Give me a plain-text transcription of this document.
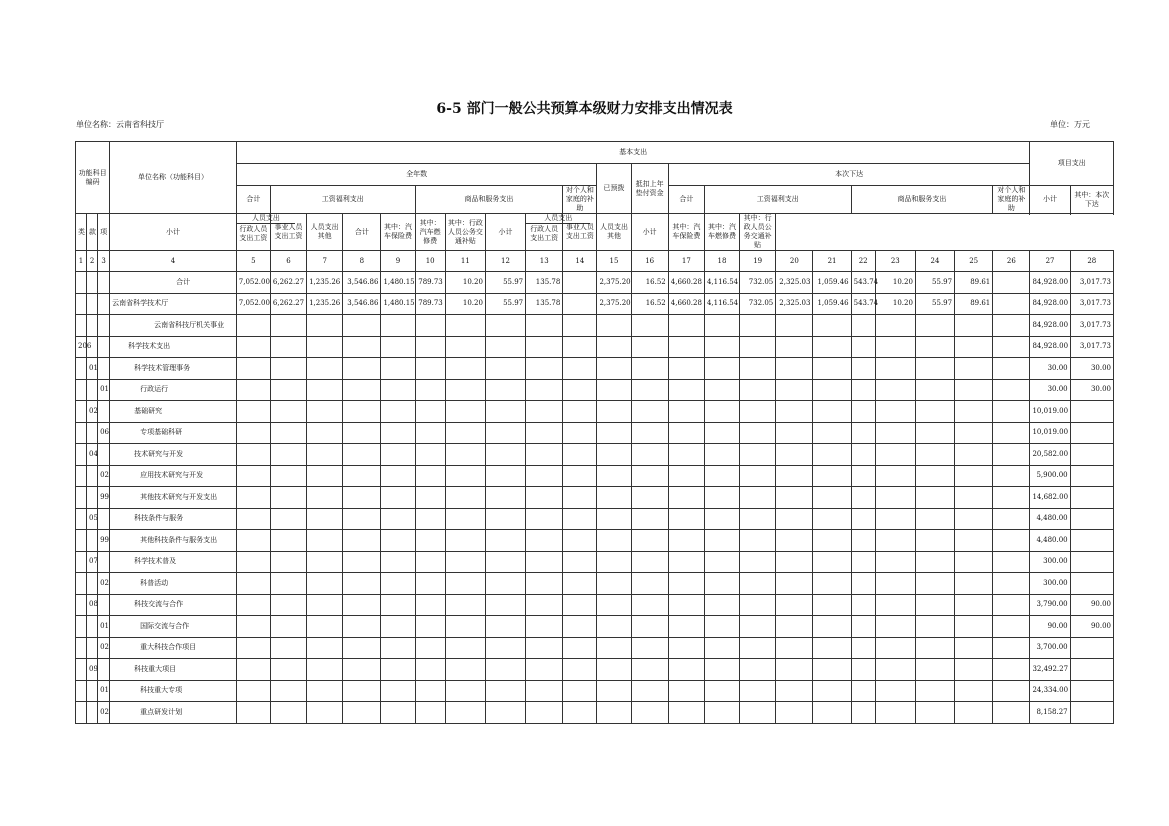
6-5 部门一般公共预算本级财力安排支出情况表
单位名称：云南省科技厅	单位：万元
功能科目编码			单位名称（功能科目）	基本支出																						项目支出	
				全年数										已预拨	抵扣上年垫付资金	本次下达											
				合计	工资福利支出				商品和服务支出				对个人和家庭的补助			合计	工资福利支出				商品和服务支出				对个人和家庭的补助	小计	其中：本次下达

类	款	项	小计	人员支出
行政人员支出工资	事业人员支出工资	人员支出其他	合计	其中：汽车保险费	其中：汽车燃修费	其中：行政人员公务交通补贴	小计	人员支出
行政人员支出工资	事业人员支出工资	人员支出其他	小计	其中：汽车保险费	其中：汽车燃修费	其中：行政人员公务交通补贴									
1	2	3	4	5	6	7	8	9	10	11	12	13	14	15	16	17	18	19	20	21	22	23	24	25	26	27	28
			合计	7,052.00	6,262.27	1,235.26	3,546.86	1,480.15	789.73	10.20	55.97	135.78		2,375.20	16.52	4,660.28	4,116.54	732.05	2,325.03	1,059.46	543.74	10.20	55.97	89.61		84,928.00	3,017.73
			云南省科学技术厅	7,052.00	6,262.27	1,235.26	3,546.86	1,480.15	789.73	10.20	55.97	135.78		2,375.20	16.52	4,660.28	4,116.54	732.05	2,325.03	1,059.46	543.74	10.20	55.97	89.61		84,928.00	3,017.73
			云南省科技厅机关事业																							84,928.00	3,017.73
206			科学技术支出																							84,928.00	3,017.73
	01		科学技术管理事务																							30.00	30.00
		01	行政运行																							30.00	30.00
	02		基础研究																							10,019.00	
		06	专项基础科研																							10,019.00	
	04		技术研究与开发																							20,582.00	
		02	应用技术研究与开发																							5,900.00	
		99	其他技术研究与开发支出																							14,682.00	
	05		科技条件与服务																							4,480.00	
		99	其他科技条件与服务支出																							4,480.00	
	07		科学技术普及																							300.00	
		02	科普活动																							300.00	
	08		科技交流与合作																							3,790.00	90.00
		01	国际交流与合作																							90.00	90.00
		02	重大科技合作项目																							3,700.00	
	09		科技重大项目																							32,492.27	
		01	科技重大专项																							24,334.00	
		02	重点研发计划																							8,158.27	
